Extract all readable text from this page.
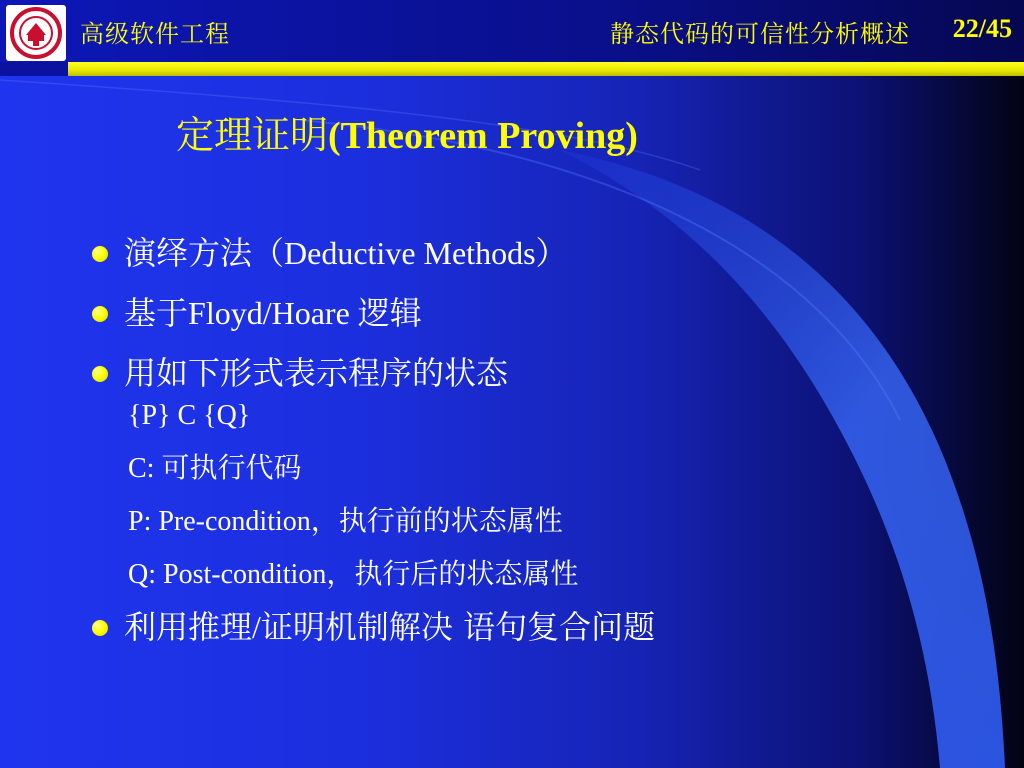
高级软件工程	静态代码的可信性分析概述 22/45
定理证明(Theorem Proving)
演绎方法（Deductive Methods）
基于Floyd/Hoare 逻辑
用如下形式表示程序的状态
{P} C {Q}
C: 可执行代码
P: Pre-condition，执行前的状态属性
Q: Post-condition，执行后的状态属性
利用推理/证明机制解决 语句复合问题
